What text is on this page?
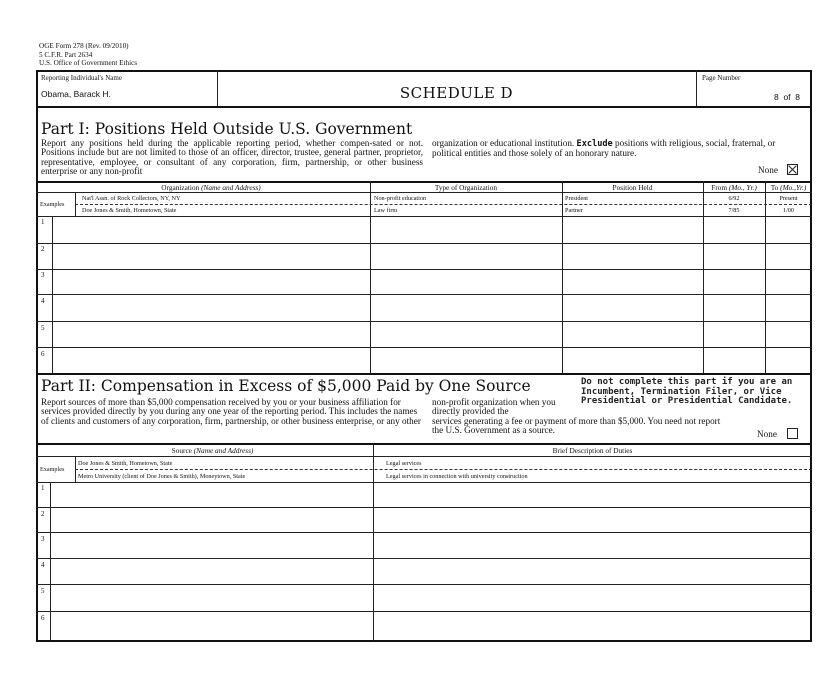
OGE Form 278 (Rev. 09/2010)
5 C.F.R. Part 2634
U.S. Office of Government Ethics
Reporting Individual's Name
Obama, Barack H.	SCHEDULE D
Page Number
8  of  8
Part I: Positions Held Outside U.S. Government
Report any positions held during the applicable reporting period, whether compen-sated or not. Positions include but are not limited to those of an officer, director, trustee, general partner, proprietor, representative, employee, or consultant of any corporation, firm, partnership, or other business enterprise or any non-profit
organization or educational institution. Exclude positions with religious, social, fraternal, or political entities and those solely of an honorary nature.
None
Organization (Name and Address)	Type of Organization	Position Held	From (Mo., Yr.)	To (Mo.,Yr.)
Examples
Nat'l Assn. of Rock Collectors, NY, NY	Non-profit education	President	6/92	Present
Doe Jones & Smith, Hometown, State	Law firm	Partner	7/85	1/00
1
2
3
4
5
6
Part II: Compensation in Excess of $5,000 Paid by One Source	Do not complete this part if you are an Incumbent, Termination Filer, or Vice Presidential or Presidential Candidate.
Report sources of more than $5,000 compensation received by you or your business affiliation for services provided directly by you during any one year of the reporting period. This includes the names of clients and customers of any corporation, firm, partnership, or other business enterprise, or any other
non-profit organization when you directly provided the
services generating a fee or payment of more than $5,000. You need not report the U.S. Government as a source.	None
Source (Name and Address)	Brief Description of Duties
Examples
Doe Jones & Smith, Hometown, State	Legal services
Metro University (client of Doe Jones & Smith), Moneytown, State	Legal services in connection with university construction
1
2
3
4
5
6
